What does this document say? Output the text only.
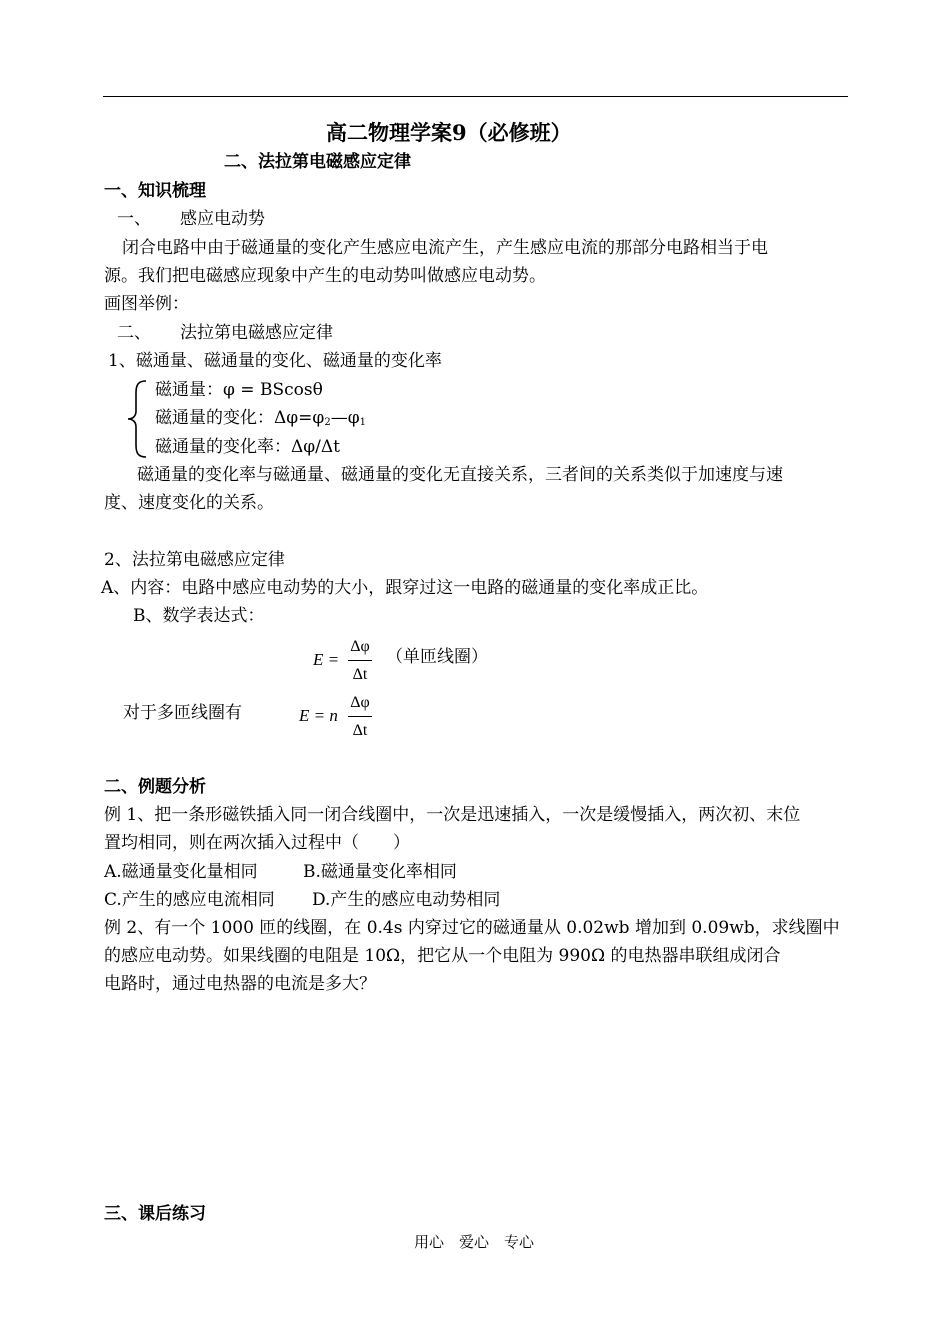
高二物理学案9（必修班）
二、法拉第电磁感应定律
一、知识梳理
一、 感应电动势
闭合电路中由于磁通量的变化产生感应电流产生，产生感应电流的那部分电路相当于电
源。我们把电磁感应现象中产生的电动势叫做感应电动势。
画图举例：
二、 法拉第电磁感应定律
1、磁通量、磁通量的变化、磁通量的变化率
磁通量：φ = BScosθ
磁通量的变化：$\Delta\varphi=\varphi_2—\varphi_1$
磁通量的变化率：Δφ/Δt
磁通量的变化率与磁通量、磁通量的变化无直接关系，三者间的关系类似于加速度与速
度、速度变化的关系。
2、法拉第电磁感应定律
A、内容：电路中感应电动势的大小，跟穿过这一电路的磁通量的变化率成正比。
B、数学表达式：
E =
Δφ
Δt
（单匝线圈）
对于多匝线圈有	E = n
Δφ
Δt
二、例题分析
例 1、把一条形磁铁插入同一闭合线圈中，一次是迅速插入，一次是缓慢插入，两次初、末位
置均相同，则在两次插入过程中（　　）
A.磁通量变化量相同	B.磁通量变化率相同
C.产生的感应电流相同 D.产生的感应电动势相同
例 2、有一个 1000 匝的线圈，在 0.4s 内穿过它的磁通量从 0.02wb 增加到 0.09wb，求线圈中
的感应电动势。如果线圈的电阻是 10Ω，把它从一个电阻为 990Ω 的电热器串联组成闭合
电路时，通过电热器的电流是多大？
三、课后练习
用心　爱心　专心
